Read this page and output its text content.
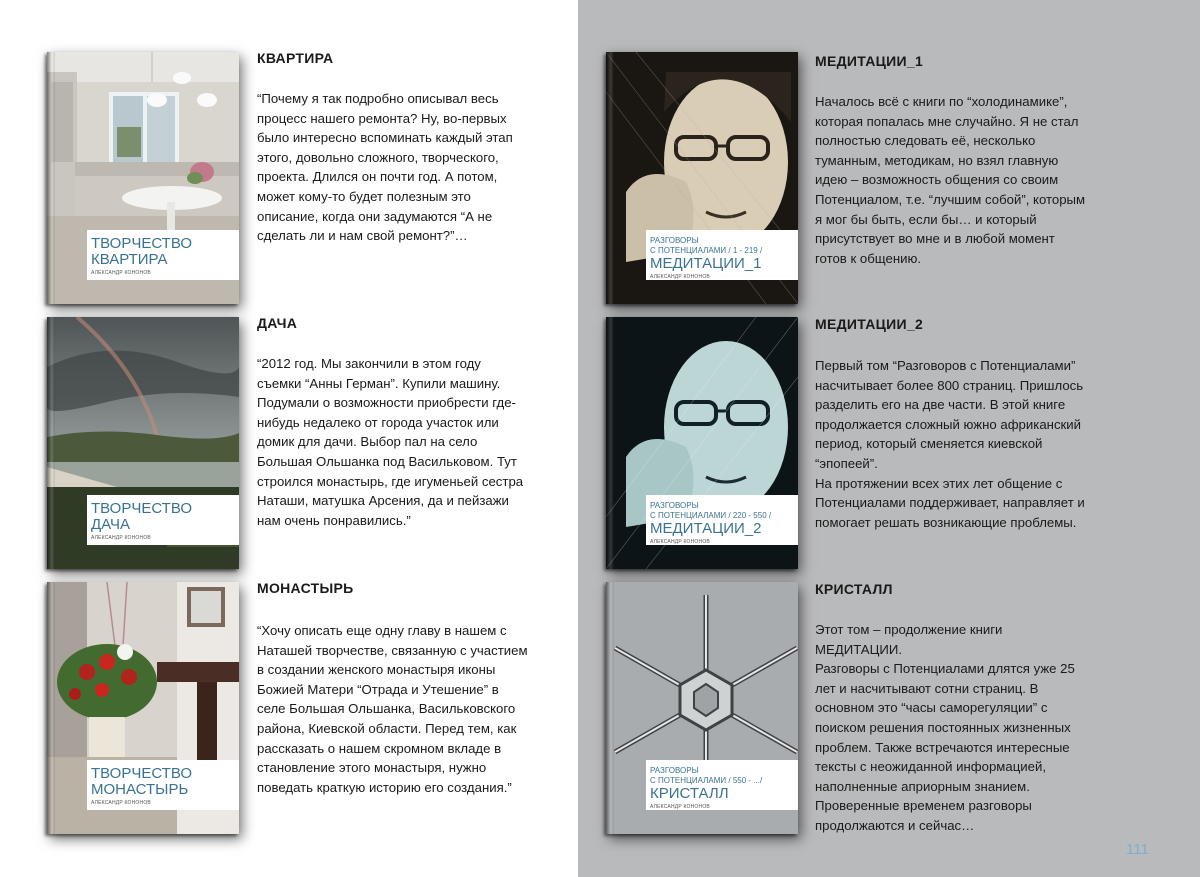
ТВОРЧЕСТВО
КВАРТИРА
АЛЕКСАНДР КОНОНОВ
КВАРТИРА
“Почему я так подробно описывал весь
процесс нашего ремонта? Ну, во-первых
было интересно вспоминать каждый этап
этого, довольно сложного, творческого,
проекта. Длился он почти год. А потом,
может кому-то будет полезным это
описание, когда они задумаются “А не
сделать ли и нам свой ремонт?”…
ТВОРЧЕСТВО
ДАЧА
АЛЕКСАНДР КОНОНОВ
ДАЧА
“2012 год. Мы закончили в этом году
съемки “Анны Герман”. Купили машину.
Подумали о возможности приобрести где-
нибудь недалеко от города участок или
домик для дачи. Выбор пал на село
Большая Ольшанка под Васильковом. Тут
строился монастырь, где игуменьей сестра
Наташи, матушка Арсения, да и пейзажи
нам очень понравились.”
ТВОРЧЕСТВО
МОНАСТЫРЬ
АЛЕКСАНДР КОНОНОВ
МОНАСТЫРЬ
“Хочу описать еще одну главу в нашем с
Наташей творчестве, связанную с участием
в создании женского монастыря иконы
Божией Матери “Отрада и Утешение” в
селе Большая Ольшанка, Васильковского
района, Киевской области. Перед тем, как
рассказать о нашем скромном вкладе в
становление этого монастыря, нужно
поведать краткую историю его создания.”
РАЗГОВОРЫ
С ПОТЕНЦИАЛАМИ / 1 - 219 /
МЕДИТАЦИИ_1
АЛЕКСАНДР КОНОНОВ
МЕДИТАЦИИ_1
Началось всё с книги по “холодинамике”,
которая попалась мне случайно. Я не стал
полностью следовать её, несколько
туманным, методикам, но взял главную
идею – возможность общения со своим
Потенциалом, т.е. “лучшим собой”, которым
я мог бы быть, если бы… и который
присутствует во мне и в любой момент
готов к общению.
РАЗГОВОРЫ
С ПОТЕНЦИАЛАМИ / 220 - 550 /
МЕДИТАЦИИ_2
АЛЕКСАНДР КОНОНОВ
МЕДИТАЦИИ_2
Первый том “Разговоров с Потенциалами”
насчитывает более 800 страниц. Пришлось
разделить его на две части. В этой книге
продолжается сложный южно африканский
период, который сменяется киевской
“эпопеей”.
На протяжении всех этих лет общение с
Потенциалами поддерживает, направляет и
помогает решать возникающие проблемы.
РАЗГОВОРЫ
С ПОТЕНЦИАЛАМИ / 550 - .../
КРИСТАЛЛ
АЛЕКСАНДР КОНОНОВ
КРИСТАЛЛ
Этот том – продолжение книги
МЕДИТАЦИИ.
Разговоры с Потенциалами длятся уже 25
лет и насчитывают сотни страниц. В
основном это “часы саморегуляции” с
поиском решения постоянных жизненных
проблем. Также встречаются интересные
тексты с неожиданной информацией,
наполненные априорным знанием.
Проверенные временем разговоры
продолжаются и сейчас…
111
